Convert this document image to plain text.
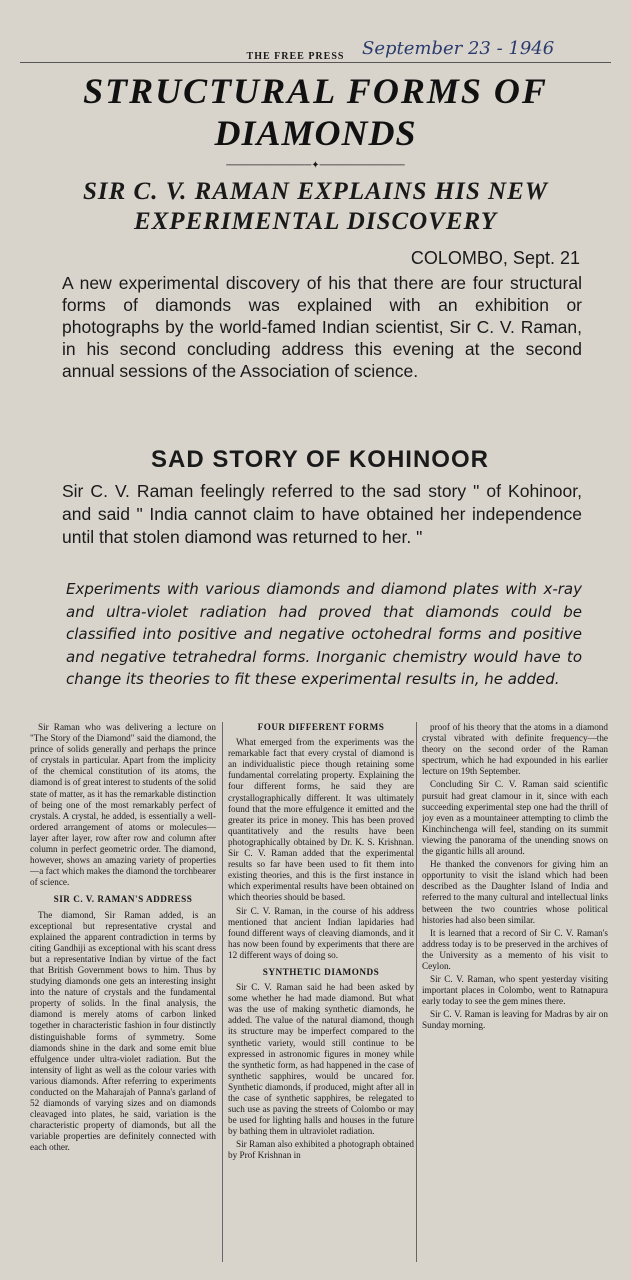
THE FREE PRESS September 23 - 1946
STRUCTURAL FORMS OF
DIAMONDS
────────────✦────────────
SIR C. V. RAMAN EXPLAINS HIS NEW
EXPERIMENTAL DISCOVERY
COLOMBO, Sept. 21
A new experimental discovery of his that there are four structural forms of diamonds was explained with an exhibition or photographs by the world-famed Indian scientist, Sir C. V. Raman, in his second concluding address this evening at the second annual sessions of the Association of science.
SAD STORY OF KOHINOOR
Sir C. V. Raman feelingly referred to the sad story " of Kohinoor, and said " India cannot claim to have obtained her independence until that stolen diamond was returned to her. "
Experiments with various diamonds and diamond plates with x-ray and ultra-violet radiation had proved that diamonds could be classified into positive and negative octohedral forms and positive and negative tetrahedral forms. Inorganic chemistry would have to change its theories to fit these experimental results in, he added.

Sir Raman who was delivering a lecture on "The Story of the Diamond" said the diamond, the prince of solids generally and perhaps the prince of crystals in particular. Apart from the implicity of the chemical constitution of its atoms, the diamond is of great interest to students of the solid state of matter, as it has the remarkable distinction of being one of the most remarkably perfect of crystals. A crystal, he added, is essentially a well-ordered arrangement of atoms or molecules—layer after layer, row after row and column after column in perfect geometric order. The diamond, however, shows an amazing variety of properties—a fact which makes the diamond the torchbearer of science.

SIR C. V. RAMAN'S ADDRESS

The diamond, Sir Raman added, is an exceptional but representative crystal and explained the apparent contradiction in terms by citing Gandhiji as exceptional with his scant dress but a representative Indian by virtue of the fact that British Government bows to him. Thus by studying diamonds one gets an interesting insight into the nature of crystals and the fundamental property of solids. In the final analysis, the diamond is merely atoms of carbon linked together in characteristic fashion in four distinctly distinguishable forms of symmetry. Some diamonds shine in the dark and some emit blue effulgence under ultra-violet radiation. But the intensity of light as well as the colour varies with various diamonds. After referring to experiments conducted on the Maharajah of Panna's garland of 52 diamonds of varying sizes and on diamonds cleavaged into plates, he said, variation is the characteristic property of diamonds, but all the variable properties are definitely connected with each other.

FOUR DIFFERENT FORMS

What emerged from the experiments was the remarkable fact that every crystal of diamond is an individualistic piece though retaining some fundamental correlating property. Explaining the four different forms, he said they are crystallographically different. It was ultimately found that the more effulgence it emitted and the greater its price in money. This has been proved quantitatively and the results have been photographically obtained by Dr. K. S. Krishnan. Sir C. V. Raman added that the experimental results so far have been used to fit them into existing theories, and this is the first instance in which experimental results have been obtained on which theories should be based.

Sir C. V. Raman, in the course of his address mentioned that ancient Indian lapidaries had found different ways of cleaving diamonds, and it has now been found by experiments that there are 12 different ways of doing so.

SYNTHETIC DIAMONDS

Sir C. V. Raman said he had been asked by some whether he had made diamond. But what was the use of making synthetic diamonds, he added. The value of the natural diamond, though its structure may be imperfect compared to the synthetic variety, would still continue to be expressed in astronomic figures in money while the synthetic form, as had happened in the case of synthetic sapphires, would be uncared for. Synthetic diamonds, if produced, might after all in the case of synthetic sapphires, be relegated to such use as paving the streets of Colombo or may be used for lighting halls and houses in the future by bathing them in ultraviolet radiation.

Sir Raman also exhibited a photograph obtained by Prof Krishnan in

proof of his theory that the atoms in a diamond crystal vibrated with definite frequency—the theory on the second order of the Raman spectrum, which he had expounded in his earlier lecture on 19th September.

Concluding Sir C. V. Raman said scientific pursuit had great clamour in it, since with each succeeding experimental step one had the thrill of joy even as a mountaineer attempting to climb the Kinchinchenga will feel, standing on its summit viewing the panorama of the unending snows on the gigantic hills all around.

He thanked the convenors for giving him an opportunity to visit the island which had been described as the Daughter Island of India and referred to the many cultural and intellectual links between the two countries whose political histories had also been similar.

It is learned that a record of Sir C. V. Raman's address today is to be preserved in the archives of the University as a memento of his visit to Ceylon.

Sir C. V. Raman, who spent yesterday visiting important places in Colombo, went to Ratnapura early today to see the gem mines there.

Sir C. V. Raman is leaving for Madras by air on Sunday morning.
